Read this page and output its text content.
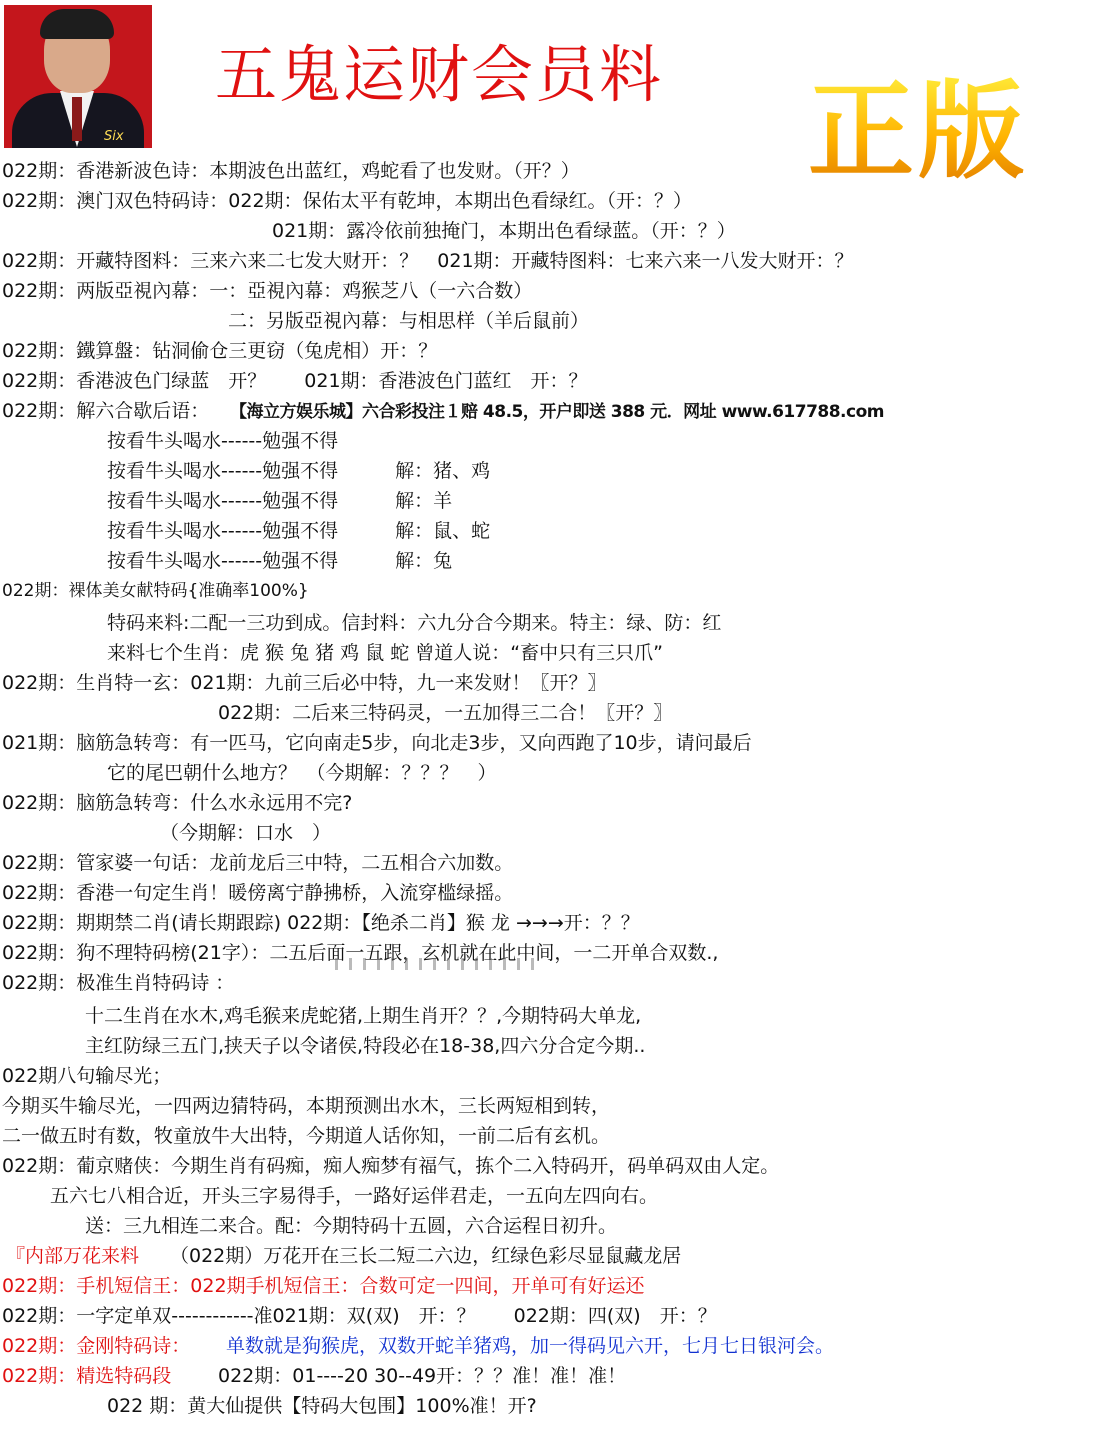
Six
五鬼运财会员料 正版
022期：香港新波色诗：本期波色出蓝红，鸡蛇看了也发财。（开？）
022期：澳门双色特码诗：022期：保佑太平有乾坤，本期出色看绿红。（开：？）
021期：露冷依前独掩门，本期出色看绿蓝。（开：？）
022期：开藏特图料：三来六来二七发大财开：？　021期：开藏特图料：七来六来一八发大财开：？
022期：两版亞視內幕：一：亞視內幕：鸡猴芝八（一六合数）
二：另版亞視內幕：与相思样（羊后鼠前）
022期：鐵算盤：钻洞偷仓三更窃（兔虎相）开：？
022期：香港波色门绿蓝　开？　　021期：香港波色门蓝红　开：？
022期：解六合歇后语： 【海立方娱乐城】六合彩投注１赔 48.5，开户即送 388 元．网址 www.617788.com
按看牛头喝水------勉强不得
按看牛头喝水------勉强不得　　　解：猪、鸡
按看牛头喝水------勉强不得　　　解：羊
按看牛头喝水------勉强不得　　　解：鼠、蛇
按看牛头喝水------勉强不得　　　解：兔
022期：裸体美女献特码{准确率100%}
特码来料:二配一三功到成。信封料：六九分合今期来。特主：绿、防：红
来料七个生肖：虎 猴 兔 猪 鸡 鼠 蛇 曾道人说：“畜中只有三只爪”
022期：生肖特一玄：021期：九前三后必中特，九一来发财！〖开？〗
022期：二后来三特码灵，一五加得三二合！〖开？〗
021期：脑筋急转弯：有一匹马，它向南走5步，向北走3步，又向西跑了10步，请问最后
它的尾巴朝什么地方？　（今期解：？？？　）
022期：脑筋急转弯：什么水永远用不完?
（今期解：口水　）
022期：管家婆一句话：龙前龙后三中特，二五相合六加数。
022期：香港一句定生肖！暖傍离宁静拂桥，入流穿槛绿摇。
022期：期期禁二肖(请长期跟踪) 022期：【绝杀二肖】猴 龙 →→→开：？？
022期：狗不理特码榜(21字）：二五后面一五跟，玄机就在此中间，一二开单合双数.,
022期：极准生肖特码诗 ：
十二生肖在水木,鸡毛猴来虎蛇猪,上期生肖开？？,今期特码大单龙,
主红防绿三五门,挟天子以令诸侯,特段必在18-38,四六分合定今期..
022期八句输尽光；
今期买牛输尽光，一四两边猜特码，本期预测出水木，三长两短相到转，
二一做五时有数，牧童放牛大出特，今期道人话你知，一前二后有玄机。
022期：葡京赌侠：今期生肖有码痴，痴人痴梦有福气，拣个二入特码开，码单码双由人定。
五六七八相合近，开头三字易得手，一路好运伴君走，一五向左四向右。
送：三九相连二来合。配：今期特码十五圆，六合运程日初升。
『内部万花来料 （022期）万花开在三长二短二六边，红绿色彩尽显鼠藏龙居
022期：手机短信王：022期手机短信王：合数可定一四间，开单可有好运还
022期：一字定单双------------准021期：双(双)　开：？　　022期：四(双)　开：？
022期：金刚特码诗： 单数就是狗猴虎，双数开蛇羊猪鸡，加一得码见六开，七月七日银河会。
022期：精选特码段 022期：01----20 30--49开：？？准！准！准！
022 期：黄大仙提供【特码大包围】100%准！开?
